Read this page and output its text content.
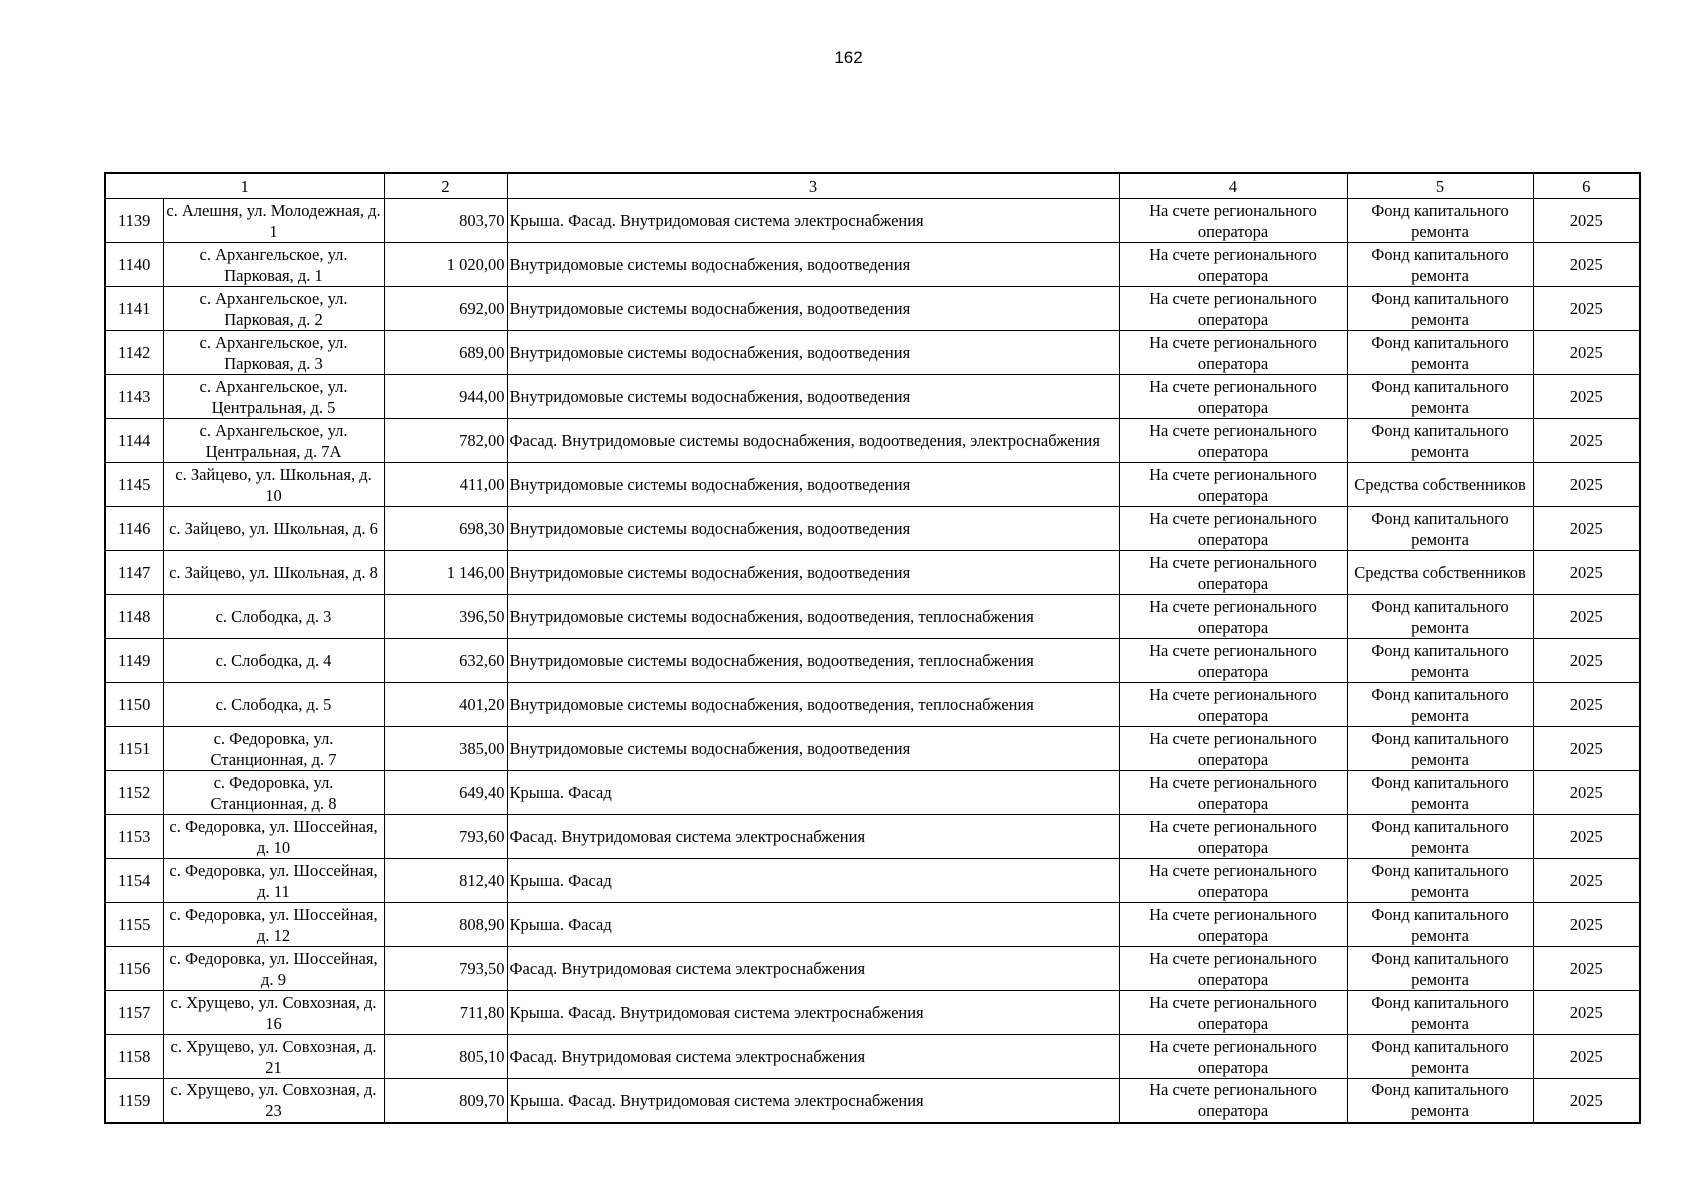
162
1		2	3	4	5	6
1139	с. Алешня, ул. Молодежная, д. 1	803,70	Крыша. Фасад. Внутридомовая система электроснабжения	На счете регионального оператора	Фонд капитального ремонта	2025
1140	с. Архангельское, ул. Парковая, д. 1	1 020,00	Внутридомовые системы водоснабжения, водоотведения	На счете регионального оператора	Фонд капитального ремонта	2025
1141	с. Архангельское, ул. Парковая, д. 2	692,00	Внутридомовые системы водоснабжения, водоотведения	На счете регионального оператора	Фонд капитального ремонта	2025
1142	с. Архангельское, ул. Парковая, д. 3	689,00	Внутридомовые системы водоснабжения, водоотведения	На счете регионального оператора	Фонд капитального ремонта	2025
1143	с. Архангельское, ул. Центральная, д. 5	944,00	Внутридомовые системы водоснабжения, водоотведения	На счете регионального оператора	Фонд капитального ремонта	2025
1144	с. Архангельское, ул. Центральная, д. 7А	782,00	Фасад. Внутридомовые системы водоснабжения, водоотведения, электроснабжения	На счете регионального оператора	Фонд капитального ремонта	2025
1145	с. Зайцево, ул. Школьная, д. 10	411,00	Внутридомовые системы водоснабжения, водоотведения	На счете регионального оператора	Средства собственников	2025
1146	с. Зайцево, ул. Школьная, д. 6	698,30	Внутридомовые системы водоснабжения, водоотведения	На счете регионального оператора	Фонд капитального ремонта	2025
1147	с. Зайцево, ул. Школьная, д. 8	1 146,00	Внутридомовые системы водоснабжения, водоотведения	На счете регионального оператора	Средства собственников	2025
1148	с. Слободка, д. 3	396,50	Внутридомовые системы водоснабжения, водоотведения, теплоснабжения	На счете регионального оператора	Фонд капитального ремонта	2025
1149	с. Слободка, д. 4	632,60	Внутридомовые системы водоснабжения, водоотведения, теплоснабжения	На счете регионального оператора	Фонд капитального ремонта	2025
1150	с. Слободка, д. 5	401,20	Внутридомовые системы водоснабжения, водоотведения, теплоснабжения	На счете регионального оператора	Фонд капитального ремонта	2025
1151	с. Федоровка, ул. Станционная, д. 7	385,00	Внутридомовые системы водоснабжения, водоотведения	На счете регионального оператора	Фонд капитального ремонта	2025
1152	с. Федоровка, ул. Станционная, д. 8	649,40	Крыша. Фасад	На счете регионального оператора	Фонд капитального ремонта	2025
1153	с. Федоровка, ул. Шоссейная, д. 10	793,60	Фасад. Внутридомовая система электроснабжения	На счете регионального оператора	Фонд капитального ремонта	2025
1154	с. Федоровка, ул. Шоссейная, д. 11	812,40	Крыша. Фасад	На счете регионального оператора	Фонд капитального ремонта	2025
1155	с. Федоровка, ул. Шоссейная, д. 12	808,90	Крыша. Фасад	На счете регионального оператора	Фонд капитального ремонта	2025
1156	с. Федоровка, ул. Шоссейная, д. 9	793,50	Фасад. Внутридомовая система электроснабжения	На счете регионального оператора	Фонд капитального ремонта	2025
1157	с. Хрущево, ул. Совхозная, д. 16	711,80	Крыша. Фасад. Внутридомовая система электроснабжения	На счете регионального оператора	Фонд капитального ремонта	2025
1158	с. Хрущево, ул. Совхозная, д. 21	805,10	Фасад. Внутридомовая система электроснабжения	На счете регионального оператора	Фонд капитального ремонта	2025
1159	с. Хрущево, ул. Совхозная, д. 23	809,70	Крыша. Фасад. Внутридомовая система электроснабжения	На счете регионального оператора	Фонд капитального ремонта	2025
